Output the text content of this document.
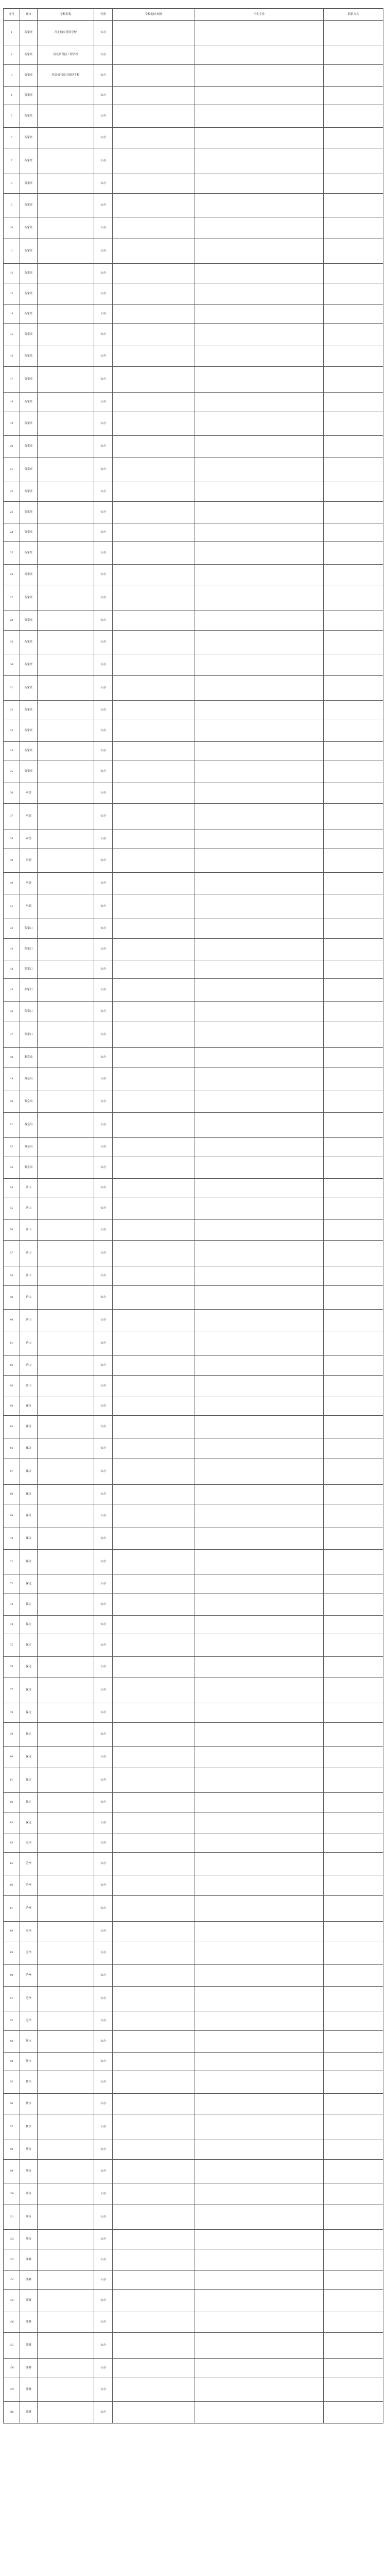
序号	城市	学校名称	性质	学校地址/网址	招生专业	联系方式
1	石家庄	河北城乡建设学校	公办			
2	石家庄	河北省科技工程学校	公办			
3	石家庄	河北省石家庄财经学校	公办			
4	石家庄		公办			
5	石家庄		公办			
6	石家庄		公办			
7	石家庄		公办			
8	石家庄		公办			
9	石家庄		公办			
10	石家庄		公办			
11	石家庄		公办			
12	石家庄		公办			
13	石家庄		公办			
14	石家庄		公办			
15	石家庄		公办			
16	石家庄		公办			
17	石家庄		公办			
18	石家庄		公办			
19	石家庄		公办			
20	石家庄		公办			
21	石家庄		公办			
22	石家庄		公办			
23	石家庄		公办			
24	石家庄		公办			
25	石家庄		公办			
26	石家庄		公办			
27	石家庄		公办			
28	石家庄		公办			
29	石家庄		公办			
30	石家庄		公办			
31	石家庄		公办			
32	石家庄		公办			
33	石家庄		公办			
34	石家庄		公办			
35	石家庄		公办			
36	承德		公办			
37	承德		公办			
38	承德		公办			
39	承德		公办			
40	承德		公办			
41	承德		公办			
42	张家口		公办			
43	张家口		公办			
44	张家口		公办			
45	张家口		公办			
46	张家口		公办			
47	张家口		公办			
48	秦皇岛		公办			
49	秦皇岛		公办			
50	秦皇岛		公办			
51	秦皇岛		公办			
52	秦皇岛		公办			
53	秦皇岛		公办			
54	唐山		公办			
55	唐山		公办			
56	唐山		公办			
57	唐山		公办			
58	唐山		公办			
59	唐山		公办			
60	唐山		公办			
61	唐山		公办			
62	唐山		公办			
63	唐山		公办			
64	廊坊		公办			
65	廊坊		公办			
66	廊坊		公办			
67	廊坊		公办			
68	廊坊		公办			
69	廊坊		公办			
70	廊坊		公办			
71	廊坊		公办			
72	保定		公办			
73	保定		公办			
74	保定		公办			
75	保定		公办			
76	保定		公办			
77	保定		公办			
78	保定		公办			
79	保定		公办			
80	保定		公办			
81	保定		公办			
82	保定		公办			
83	保定		公办			
84	沧州		公办			
85	沧州		公办			
86	沧州		公办			
87	沧州		公办			
88	沧州		公办			
89	沧州		公办			
90	沧州		公办			
91	沧州		公办			
92	沧州		公办			
93	衡水		公办			
94	衡水		公办			
95	衡水		公办			
96	衡水		公办			
97	衡水		公办			
98	邢台		公办			
99	邢台		公办			
100	邢台		公办			
101	邢台		公办			
102	邢台		公办			
103	邯郸		公办			
104	邯郸		公办			
105	邯郸		公办			
106	邯郸		公办			
107	邯郸		公办			
108	邯郸		公办			
109	邯郸		公办			
110	邯郸		公办			
